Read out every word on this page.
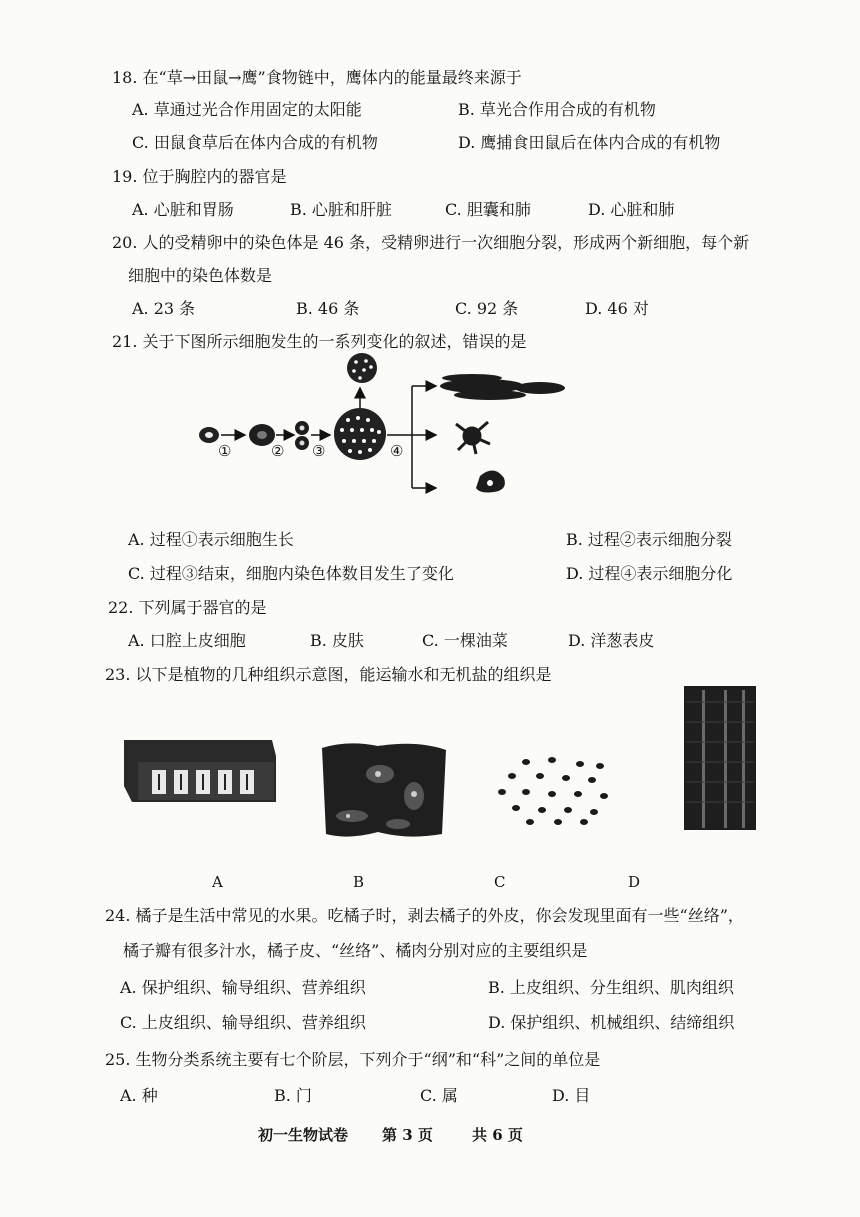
18. 在“草→田鼠→鹰”食物链中，鹰体内的能量最终来源于
A. 草通过光合作用固定的太阳能	B. 草光合作用合成的有机物
C. 田鼠食草后在体内合成的有机物	D. 鹰捕食田鼠后在体内合成的有机物
19. 位于胸腔内的器官是
A. 心脏和胃肠	B. 心脏和肝脏	C. 胆囊和肺	D. 心脏和肺
20. 人的受精卵中的染色体是 46 条，受精卵进行一次细胞分裂，形成两个新细胞，每个新
细胞中的染色体数是
A. 23 条	B. 46 条	C. 92 条	D. 46 对
21. 关于下图所示细胞发生的一系列变化的叙述，错误的是
①	② ③	④
A. 过程①表示细胞生长	B. 过程②表示细胞分裂
C. 过程③结束，细胞内染色体数目发生了变化	D. 过程④表示细胞分化
22. 下列属于器官的是
A. 口腔上皮细胞	B. 皮肤	C. 一棵油菜	D. 洋葱表皮
23. 以下是植物的几种组织示意图，能运输水和无机盐的组织是
A	B	C	D
24. 橘子是生活中常见的水果。吃橘子时，剥去橘子的外皮，你会发现里面有一些“丝络”，
橘子瓣有很多汁水，橘子皮、“丝络”、橘肉分别对应的主要组织是
A. 保护组织、输导组织、营养组织	B. 上皮组织、分生组织、肌肉组织
C. 上皮组织、输导组织、营养组织	D. 保护组织、机械组织、结缔组织
25. 生物分类系统主要有七个阶层，下列介于“纲”和“科”之间的单位是
A. 种	B. 门	C. 属	D. 目
初一生物试卷 第 3 页	共 6 页
